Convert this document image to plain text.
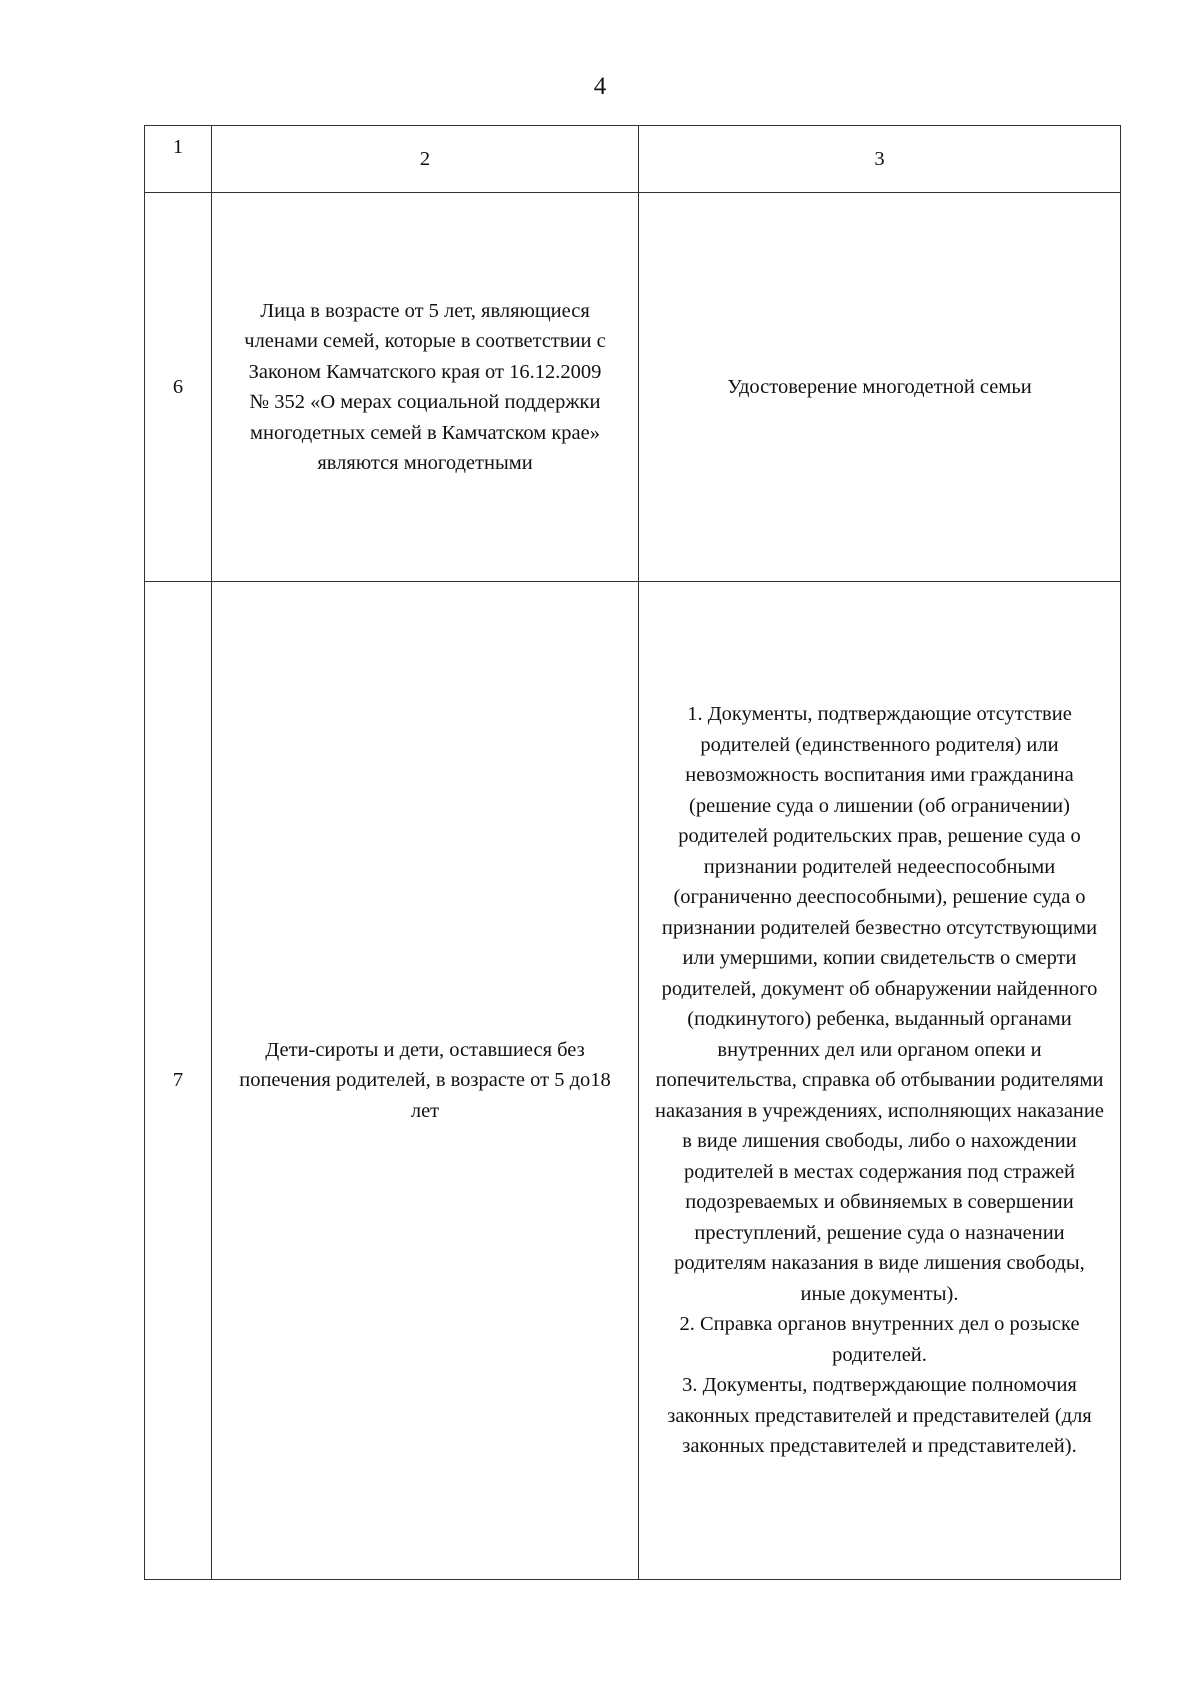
4
1	2	3
6	Лица в возрасте от 5 лет, являющиеся членами семей, которые в соответствии с Законом Камчатского края от 16.12.2009 № 352 «О мерах социальной поддержки многодетных семей в Камчатском крае» являются многодетными	Удостоверение многодетной семьи

7	Дети-сироты и дети, оставшиеся без попечения родителей, в возрасте от 5 до18 лет	1. Документы, подтверждающие отсутствие родителей (единственного родителя) или невозможность воспитания ими гражданина (решение суда о лишении (об ограничении) родителей родительских прав, решение суда о признании родителей недееспособными (ограниченно дееспособными), решение суда о признании родителей безвестно отсутствующими или умершими, копии свидетельств о смерти родителей, документ об обнаружении найденного (подкинутого) ребенка, выданный органами внутренних дел или органом опеки и попечительства, справка об отбывании родителями наказания в учреждениях, исполняющих наказание в виде лишения свободы, либо о нахождении родителей в местах содержания под стражей подозреваемых и обвиняемых в совершении преступлений, решение суда о назначении родителям наказания в виде лишения свободы, иные документы).
2. Справка органов внутренних дел о розыске родителей.
3. Документы, подтверждающие полномочия законных представителей и представителей (для законных представителей и представителей).
